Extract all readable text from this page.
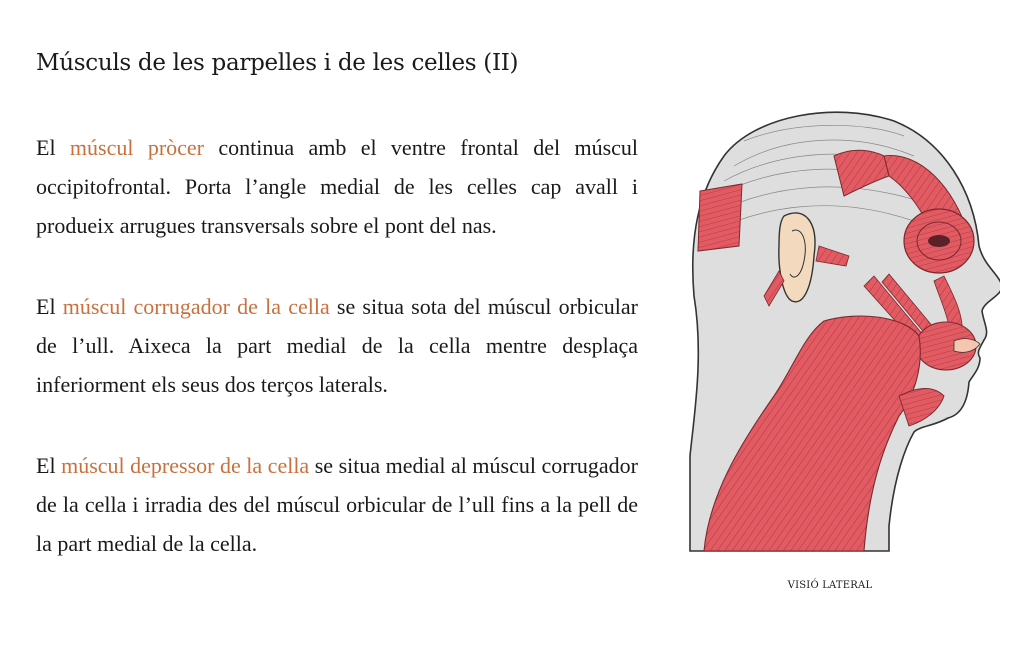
Músculs de les parpelles i de les celles (II)

El múscul pròcer continua amb el ventre frontal del múscul occipitofrontal. Porta l’angle medial de les celles cap avall i produeix arrugues transversals sobre el pont del nas.

El múscul corrugador de la cella se situa sota del múscul orbicular de l’ull. Aixeca la part medial de la cella mentre desplaça inferiorment els seus dos terços laterals.

El múscul depressor de la cella se situa medial al múscul corrugador de la cella i irradia des del múscul orbicular de l’ull fins a la pell de la part medial de la cella.

VISIÓ LATERAL
